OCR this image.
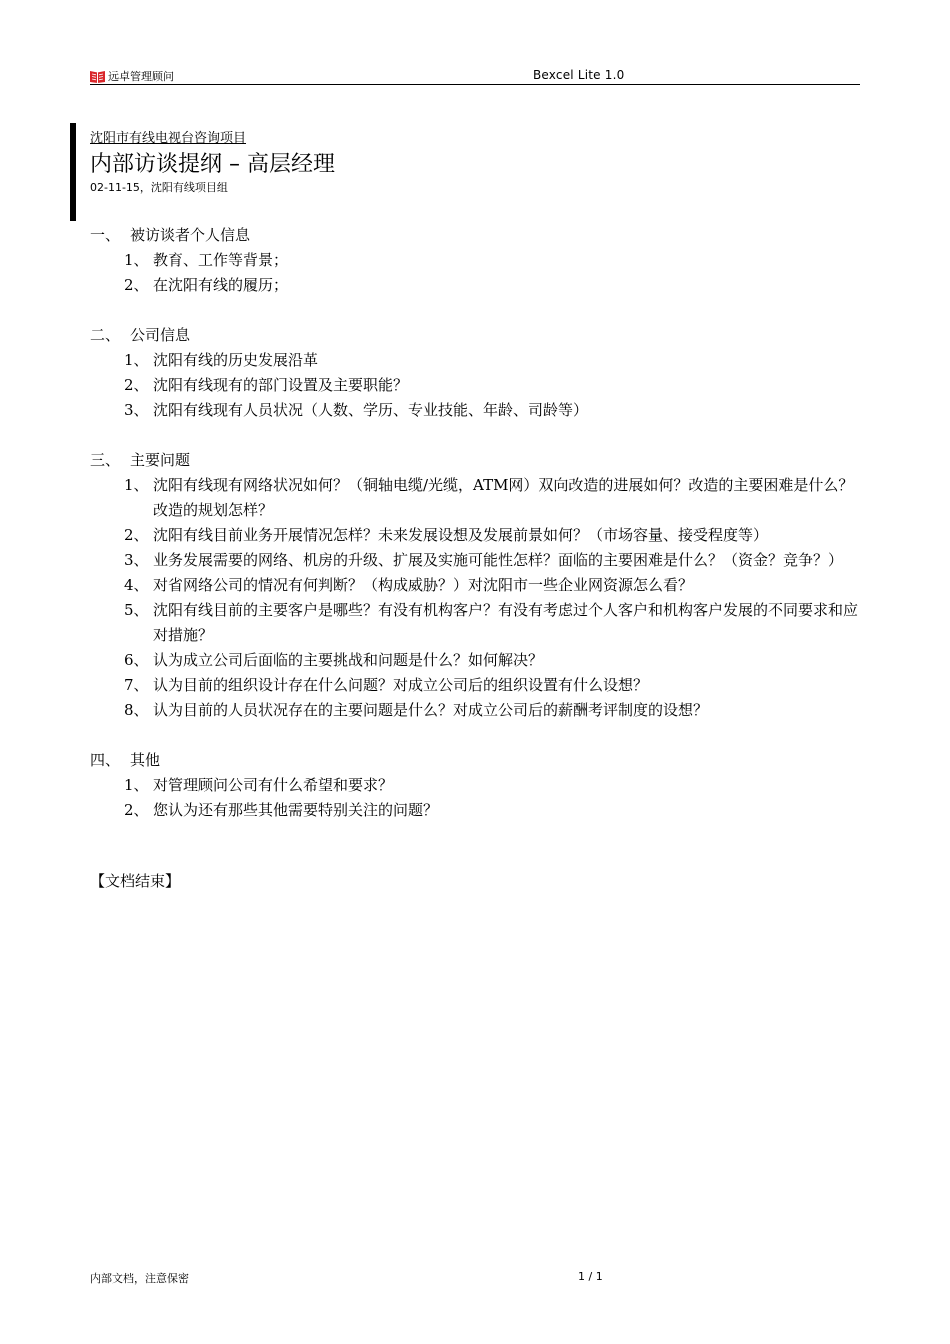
远卓管理顾问	Bexcel Lite 1.0
沈阳市有线电视台咨询项目
内部访谈提纲 – 高层经理
02-11-15，沈阳有线项目组
一、 被访谈者个人信息
1、 教育、工作等背景；
2、 在沈阳有线的履历；
二、 公司信息
1、 沈阳有线的历史发展沿革
2、 沈阳有线现有的部门设置及主要职能？
3、 沈阳有线现有人员状况（人数、学历、专业技能、年龄、司龄等）
三、 主要问题
1、 沈阳有线现有网络状况如何？（铜轴电缆/光缆，ATM网）双向改造的进展如何？改造的主要困难是什么？改造的规划怎样？
2、 沈阳有线目前业务开展情况怎样？未来发展设想及发展前景如何？（市场容量、接受程度等）
3、 业务发展需要的网络、机房的升级、扩展及实施可能性怎样？面临的主要困难是什么？（资金？竞争？）
4、 对省网络公司的情况有何判断？（构成威胁？）对沈阳市一些企业网资源怎么看？
5、 沈阳有线目前的主要客户是哪些？有没有机构客户？有没有考虑过个人客户和机构客户发展的不同要求和应对措施？
6、 认为成立公司后面临的主要挑战和问题是什么？如何解决？
7、 认为目前的组织设计存在什么问题？对成立公司后的组织设置有什么设想？
8、 认为目前的人员状况存在的主要问题是什么？对成立公司后的薪酬考评制度的设想？
四、 其他
1、 对管理顾问公司有什么希望和要求？
2、 您认为还有那些其他需要特别关注的问题？
【文档结束】
内部文档，注意保密	1 / 1
